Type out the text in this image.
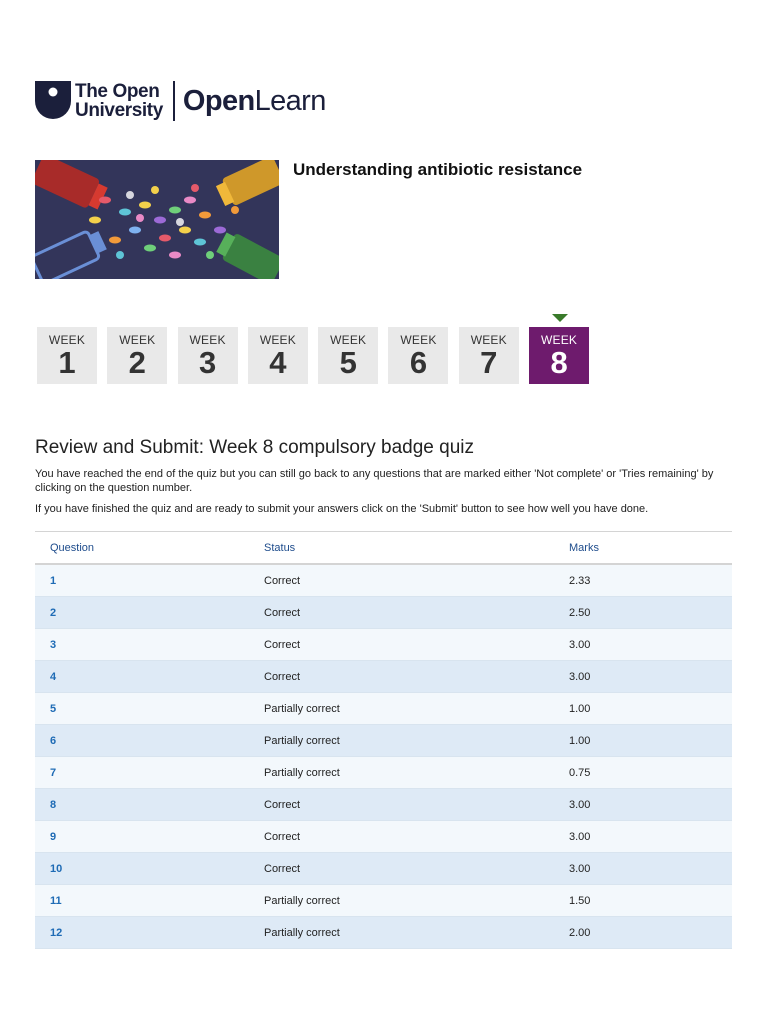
The Open
University OpenLearn
Understanding antibiotic resistance
WEEK
1
WEEK
2
WEEK
3
WEEK
4
WEEK
5
WEEK
6
WEEK
7
WEEK
8
Review and Submit: Week 8 compulsory badge quiz
You have reached the end of the quiz but you can still go back to any questions that are marked either 'Not complete' or 'Tries remaining' by clicking on the question number.
If you have finished the quiz and are ready to submit your answers click on the 'Submit' button to see how well you have done.
Question	Status	Marks
1	Correct	2.33
2	Correct	2.50
3	Correct	3.00
4	Correct	3.00
5	Partially correct	1.00
6	Partially correct	1.00
7	Partially correct	0.75
8	Correct	3.00
9	Correct	3.00
10	Correct	3.00
11	Partially correct	1.50
12	Partially correct	2.00
